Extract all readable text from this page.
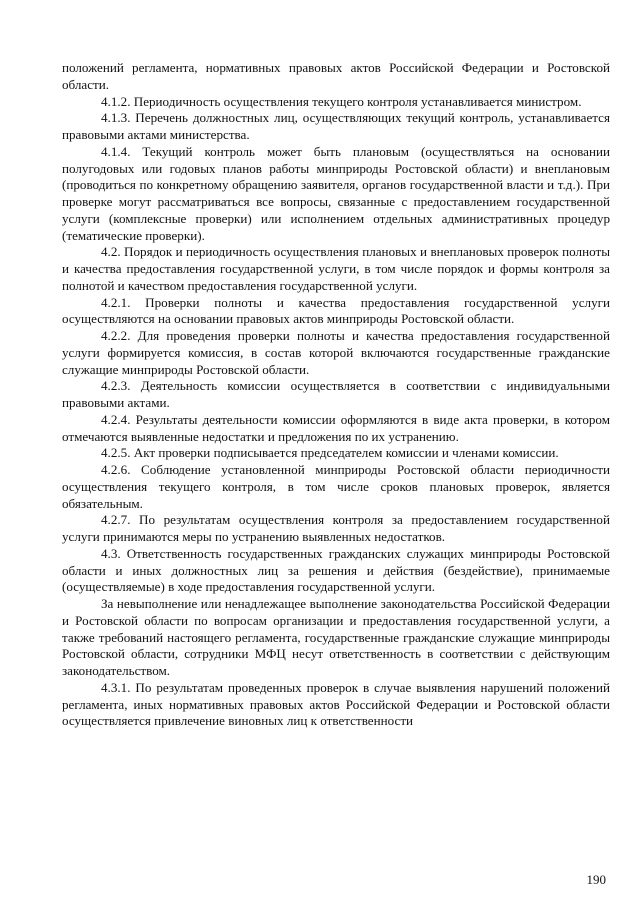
положений регламента, нормативных правовых актов Российской Федерации и Ростовской области.

4.1.2. Периодичность осуществления текущего контроля устанавливается министром.

4.1.3. Перечень должностных лиц, осуществляющих текущий контроль, устанавливается правовыми актами министерства.

4.1.4. Текущий контроль может быть плановым (осуществляться на основании полугодовых или годовых планов работы минприроды Ростовской области) и внеплановым (проводиться по конкретному обращению заявителя, органов государственной власти и т.д.). При проверке могут рассматриваться все вопросы, связанные с предоставлением государственной услуги (комплексные проверки) или исполнением отдельных административных процедур (тематические проверки).

4.2. Порядок и периодичность осуществления плановых и внеплановых проверок полноты и качества предоставления государственной услуги, в том числе порядок и формы контроля за полнотой и качеством предоставления государственной услуги.

4.2.1. Проверки полноты и качества предоставления государственной услуги осуществляются на основании правовых актов минприроды Ростовской области.

4.2.2. Для проведения проверки полноты и качества предоставления государственной услуги формируется комиссия, в состав которой включаются государственные гражданские служащие минприроды Ростовской области.

4.2.3. Деятельность комиссии осуществляется в соответствии с индивидуальными правовыми актами.

4.2.4. Результаты деятельности комиссии оформляются в виде акта проверки, в котором отмечаются выявленные недостатки и предложения по их устранению.

4.2.5. Акт проверки подписывается председателем комиссии и членами комиссии.

4.2.6. Соблюдение установленной минприроды Ростовской области периодичности осуществления текущего контроля, в том числе сроков плановых проверок, является обязательным.

4.2.7. По результатам осуществления контроля за предоставлением государственной услуги принимаются меры по устранению выявленных недостатков.

4.3. Ответственность государственных гражданских служащих минприроды Ростовской области и иных должностных лиц за решения и действия (бездействие), принимаемые (осуществляемые) в ходе предоставления государственной услуги.

За невыполнение или ненадлежащее выполнение законодательства Российской Федерации и Ростовской области по вопросам организации и предоставления государственной услуги, а также требований настоящего регламента, государственные гражданские служащие минприроды Ростовской области, сотрудники МФЦ несут ответственность в соответствии с действующим законодательством.

4.3.1. По результатам проведенных проверок в случае выявления нарушений положений регламента, иных нормативных правовых актов Российской Федерации и Ростовской области осуществляется привлечение виновных лиц к ответственности

190
